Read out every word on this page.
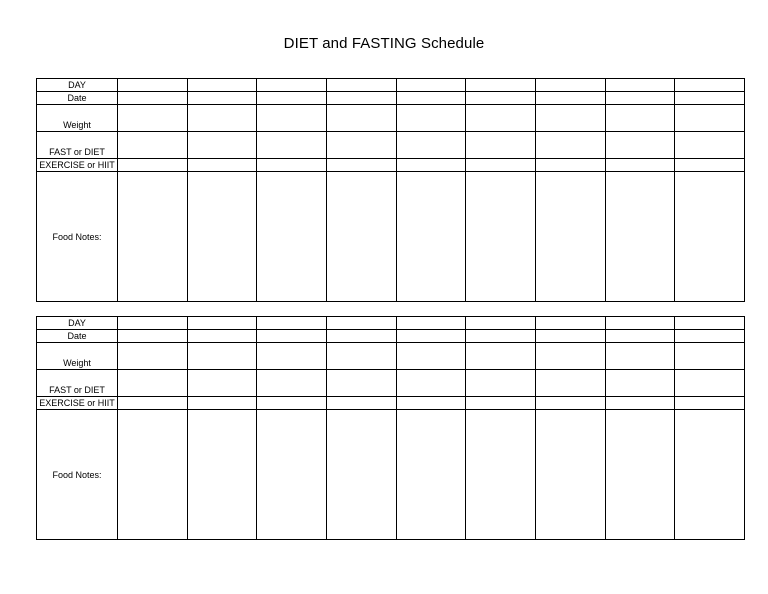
DIET and FASTING Schedule
DAY									
Date									
Weight									
FAST or DIET									
EXERCISE or HIIT									
Food Notes:									
DAY									
Date									
Weight									
FAST or DIET									
EXERCISE or HIIT									
Food Notes:									
